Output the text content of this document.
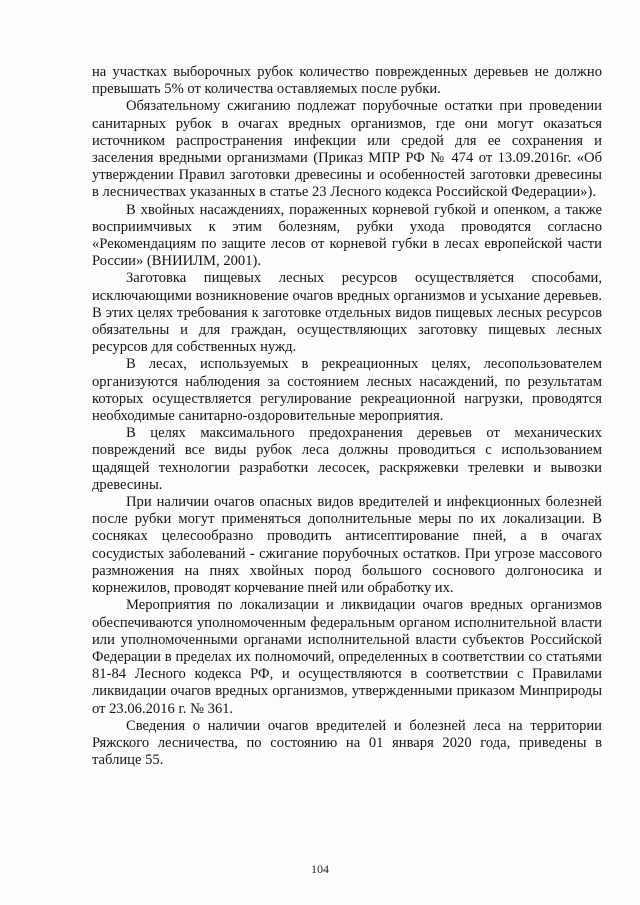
на участках выборочных рубок количество поврежденных деревьев не должно превышать 5% от количества оставляемых после рубки.

Обязательному сжиганию подлежат порубочные остатки при проведении санитарных рубок в очагах вредных организмов, где они могут оказаться источником распространения инфекции или средой для ее сохранения и заселения вредными организмами (Приказ МПР РФ № 474 от 13.09.2016г. «Об утверждении Правил заготовки древесины и особенностей заготовки древесины в лесничествах указанных в статье 23 Лесного кодекса Российской Федерации»).

В хвойных насаждениях, пораженных корневой губкой и опенком, а также восприимчивых к этим болезням, рубки ухода проводятся согласно «Рекомендациям по защите лесов от корневой губки в лесах европейской части России» (ВНИИЛМ, 2001).

Заготовка пищевых лесных ресурсов осуществляется способами, исключающими возникновение очагов вредных организмов и усыхание деревьев. В этих целях требования к заготовке отдельных видов пищевых лесных ресурсов обязательны и для граждан, осуществляющих заготовку пищевых лесных ресурсов для собственных нужд.

В лесах, используемых в рекреационных целях, лесопользователем организуются наблюдения за состоянием лесных насаждений, по результатам которых осуществляется регулирование рекреационной нагрузки, проводятся необходимые санитарно-оздоровительные мероприятия.

В целях максимального предохранения деревьев от механических повреждений все виды рубок леса должны проводиться с использованием щадящей технологии разработки лесосек, раскряжевки трелевки и вывозки древесины.

При наличии очагов опасных видов вредителей и инфекционных болезней после рубки могут применяться дополнительные меры по их локализации. В сосняках целесообразно проводить антисептирование пней, а в очагах сосудистых заболеваний - сжигание порубочных остатков. При угрозе массового размножения на пнях хвойных пород большого соснового долгоносика и корнежилов, проводят корчевание пней или обработку их.

Мероприятия по локализации и ликвидации очагов вредных организмов обеспечиваются уполномоченным федеральным органом исполнительной власти или уполномоченными органами исполнительной власти субъектов Российской Федерации в пределах их полномочий, определенных в соответствии со статьями 81-84 Лесного кодекса РФ, и осуществляются в соответствии с Правилами ликвидации очагов вредных организмов, утвержденными приказом Минприроды от 23.06.2016 г. № 361.

Сведения о наличии очагов вредителей и болезней леса на территории Ряжского лесничества, по состоянию на 01 января 2020 года, приведены в таблице 55.

104
